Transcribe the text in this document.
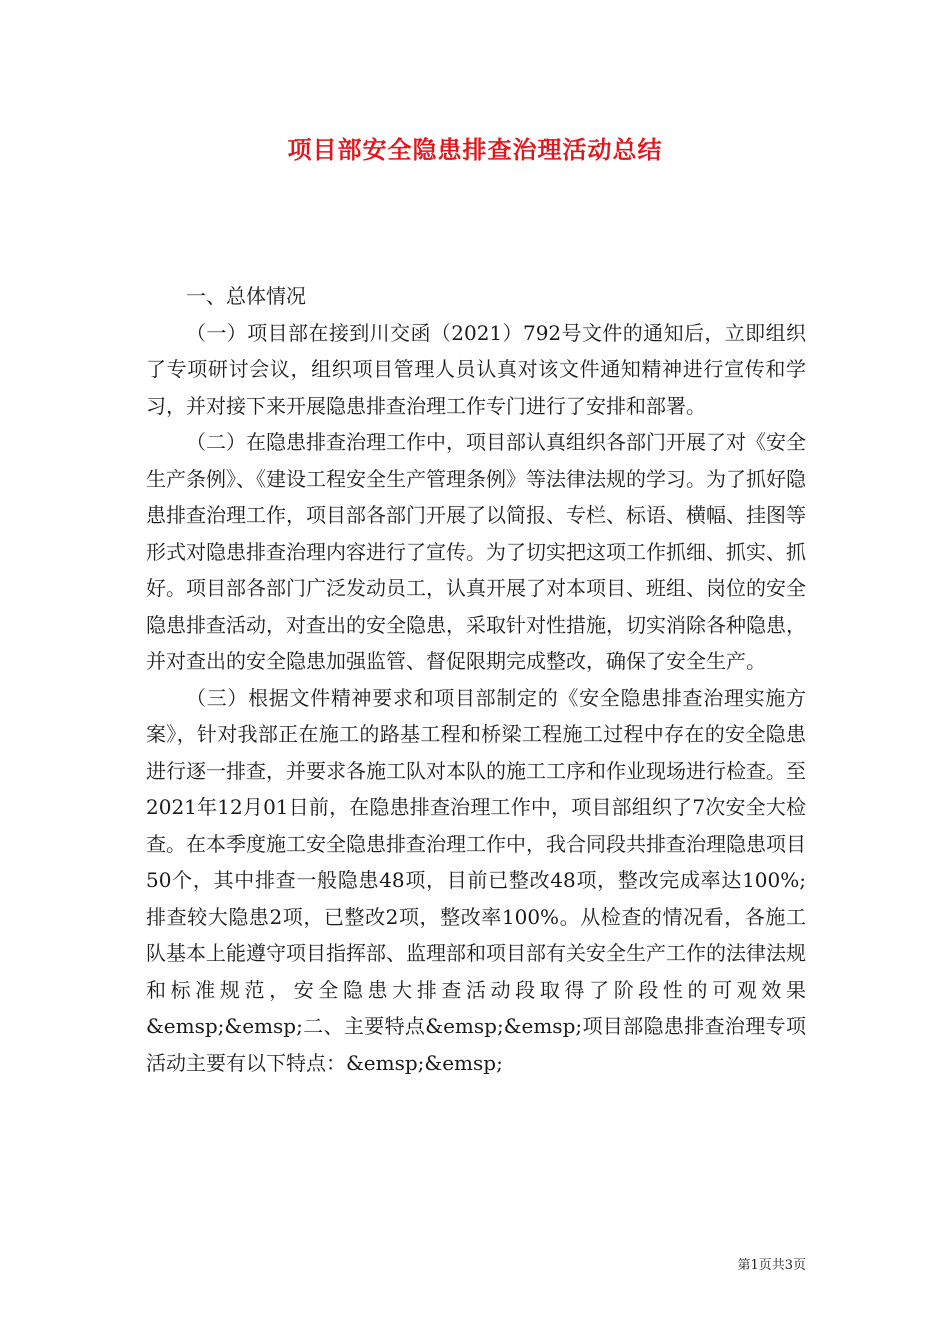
项目部安全隐患排查治理活动总结

一、总体情况

（一）项目部在接到川交函（2021）792号文件的通知后，立即组织了专项研讨会议，组织项目管理人员认真对该文件通知精神进行宣传和学习，并对接下来开展隐患排查治理工作专门进行了安排和部署。

（二）在隐患排查治理工作中，项目部认真组织各部门开展了对《安全生产条例》、《建设工程安全生产管理条例》等法律法规的学习。为了抓好隐患排查治理工作，项目部各部门开展了以简报、专栏、标语、横幅、挂图等形式对隐患排查治理内容进行了宣传。为了切实把这项工作抓细、抓实、抓好。项目部各部门广泛发动员工，认真开展了对本项目、班组、岗位的安全隐患排查活动，对查出的安全隐患，采取针对性措施，切实消除各种隐患，并对查出的安全隐患加强监管、督促限期完成整改，确保了安全生产。

（三）根据文件精神要求和项目部制定的《安全隐患排查治理实施方案》，针对我部正在施工的路基工程和桥梁工程施工过程中存在的安全隐患进行逐一排查，并要求各施工队对本队的施工工序和作业现场进行检查。至2021年12月01日前，在隐患排查治理工作中，项目部组织了7次安全大检查。在本季度施工安全隐患排查治理工作中，我合同段共排查治理隐患项目50个，其中排查一般隐患48项，目前已整改48项，整改完成率达100%;排查较大隐患2项，已整改2项，整改率100%。从检查的情况看，各施工队基本上能遵守项目指挥部、监理部和项目部有关安全生产工作的法律法规和标准规范，安全隐患大排查活动段取得了阶段性的可观效果&emsp;&emsp;二、主要特点&emsp;&emsp;项目部隐患排查治理专项活动主要有以下特点：&emsp;&emsp;

第1页共3页
